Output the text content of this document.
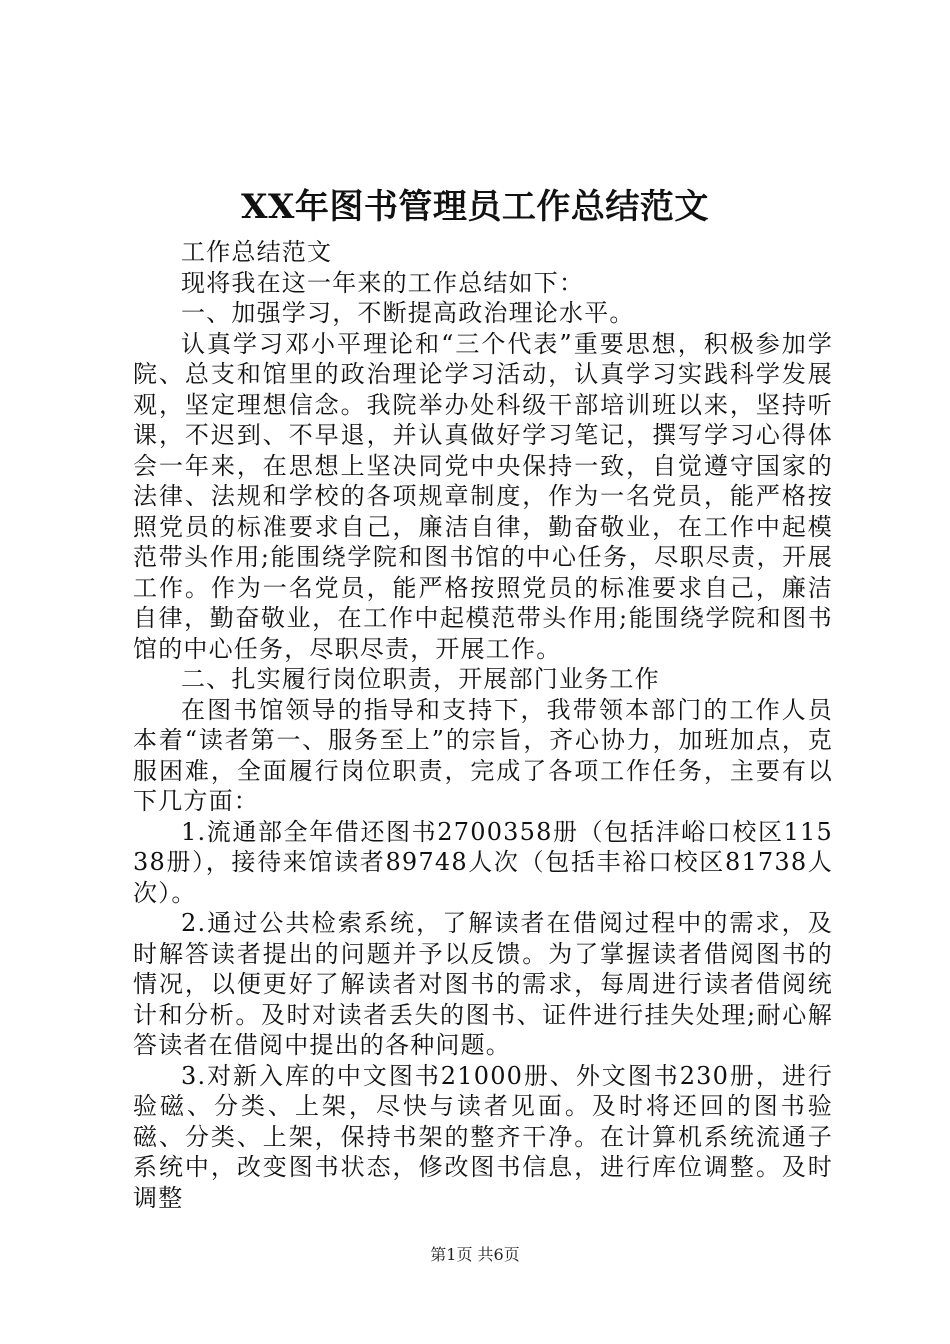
XX年图书管理员工作总结范文

工作总结范文

现将我在这一年来的工作总结如下：

一、加强学习，不断提高政治理论水平。

认真学习邓小平理论和“三个代表”重要思想，积极参加学院、总支和馆里的政治理论学习活动，认真学习实践科学发展观，坚定理想信念。我院举办处科级干部培训班以来，坚持听课，不迟到、不早退，并认真做好学习笔记，撰写学习心得体会一年来，在思想上坚决同党中央保持一致，自觉遵守国家的法律、法规和学校的各项规章制度，作为一名党员，能严格按照党员的标准要求自己，廉洁自律，勤奋敬业，在工作中起模范带头作用;能围绕学院和图书馆的中心任务，尽职尽责，开展工作。作为一名党员，能严格按照党员的标准要求自己，廉洁自律，勤奋敬业，在工作中起模范带头作用;能围绕学院和图书馆的中心任务，尽职尽责，开展工作。

二、扎实履行岗位职责，开展部门业务工作

在图书馆领导的指导和支持下，我带领本部门的工作人员本着“读者第一、服务至上”的宗旨，齐心协力，加班加点，克服困难，全面履行岗位职责，完成了各项工作任务，主要有以下几方面：

1.流通部全年借还图书2700358册（包括沣峪口校区11538册），接待来馆读者89748人次（包括丰裕口校区81738人次）。

2.通过公共检索系统，了解读者在借阅过程中的需求，及时解答读者提出的问题并予以反馈。为了掌握读者借阅图书的情况，以便更好了解读者对图书的需求，每周进行读者借阅统计和分析。及时对读者丢失的图书、证件进行挂失处理;耐心解答读者在借阅中提出的各种问题。

3.对新入库的中文图书21000册、外文图书230册，进行验磁、分类、上架，尽快与读者见面。及时将还回的图书验磁、分类、上架，保持书架的整齐干净。在计算机系统流通子系统中，改变图书状态，修改图书信息，进行库位调整。及时调整

第1页 共6页
